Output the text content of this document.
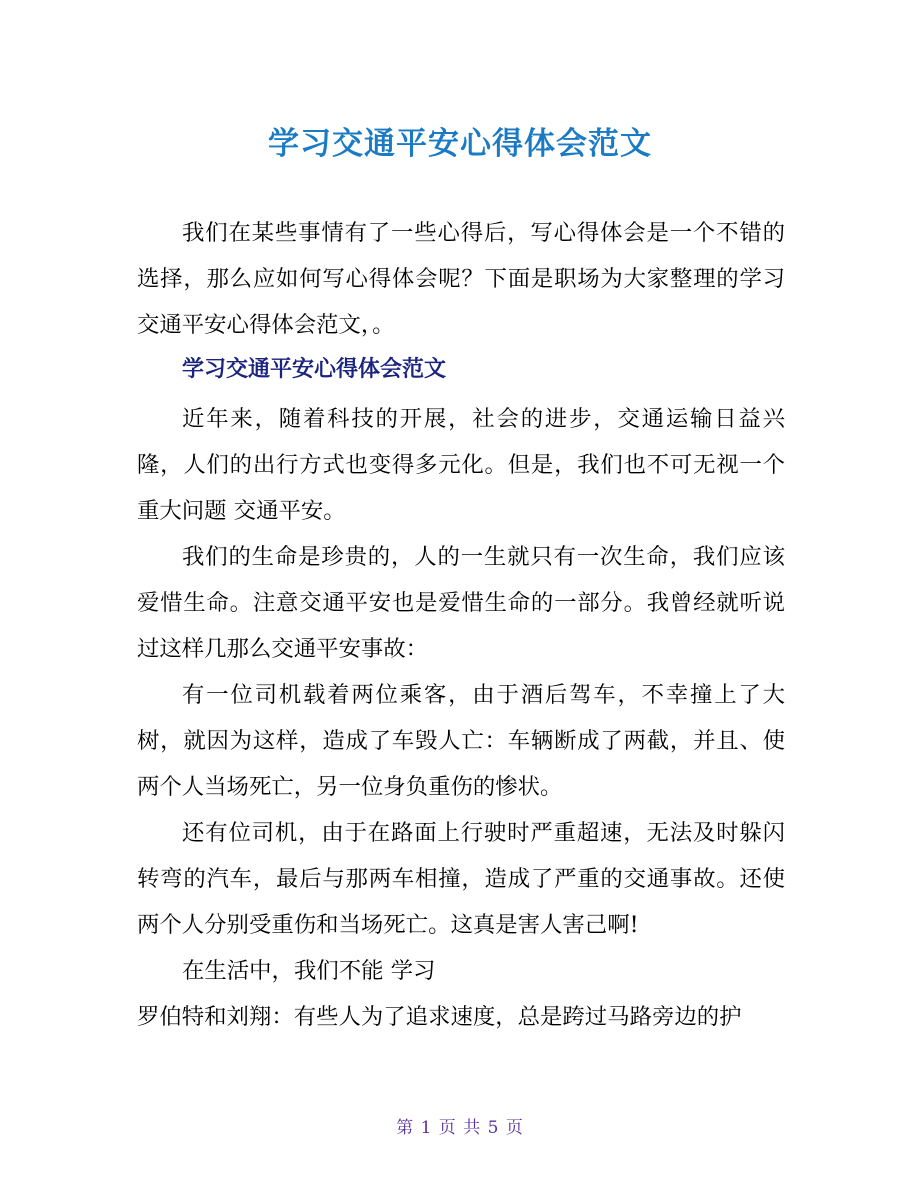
学习交通平安心得体会范文

我们在某些事情有了一些心得后，写心得体会是一个不错的选择，那么应如何写心得体会呢？下面是职场为大家整理的学习交通平安心得体会范文，。

学习交通平安心得体会范文

近年来，随着科技的开展，社会的进步，交通运输日益兴隆，人们的出行方式也变得多元化。但是，我们也不可无视一个重大问题 交通平安。

我们的生命是珍贵的，人的一生就只有一次生命，我们应该爱惜生命。注意交通平安也是爱惜生命的一部分。我曾经就听说过这样几那么交通平安事故：

有一位司机载着两位乘客，由于酒后驾车，不幸撞上了大树，就因为这样，造成了车毁人亡：车辆断成了两截，并且、使两个人当场死亡，另一位身负重伤的惨状。

还有位司机，由于在路面上行驶时严重超速，无法及时躲闪转弯的汽车，最后与那两车相撞，造成了严重的交通事故。还使两个人分别受重伤和当场死亡。这真是害人害己啊!

在生活中，我们不能 学习

罗伯特和刘翔：有些人为了追求速度，总是跨过马路旁边的护

第 1 页 共 5 页
